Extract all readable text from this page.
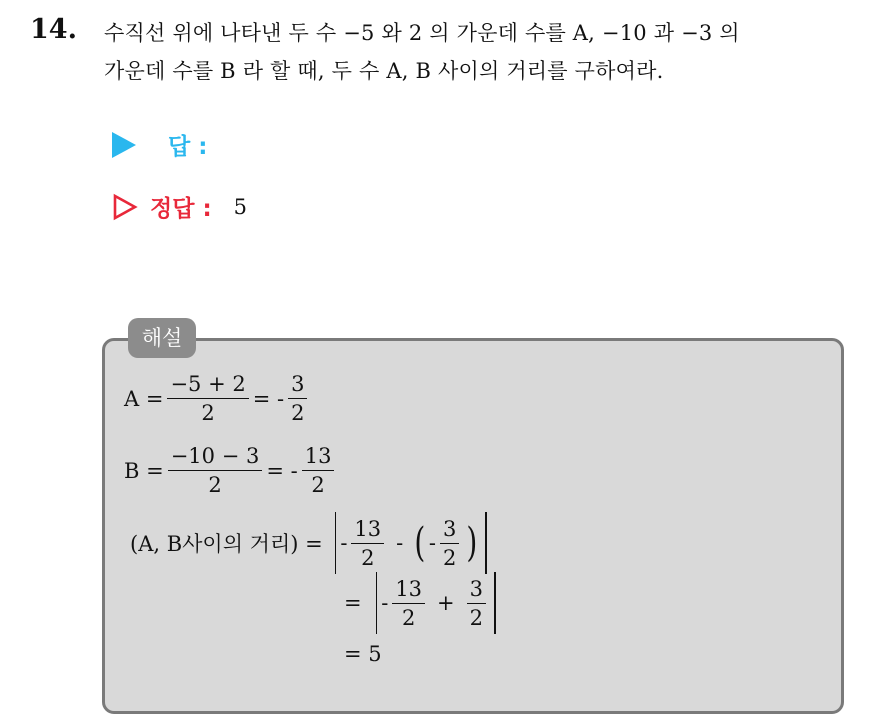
14. 수직선 위에 나타낸 두 수 −5 와 2 의 가운데 수를 A, −10 과 −3 의
가운데 수를 B 라 할 때, 두 수 A, B 사이의 거리를 구하여라.
답 :
정답 : 5
해설
$A = \frac{-5 + 2}{2}$ = - $\frac{3}{2}$
$B = \frac{-10 - 3}{2}$ = - $\frac{13}{2}$
(A, B사이의 거리) = - $\frac{13}{2}$ - ( - $\frac{3}{2}$ )
= - $\frac{13}{2} + \frac{3}{2}$
= 5
